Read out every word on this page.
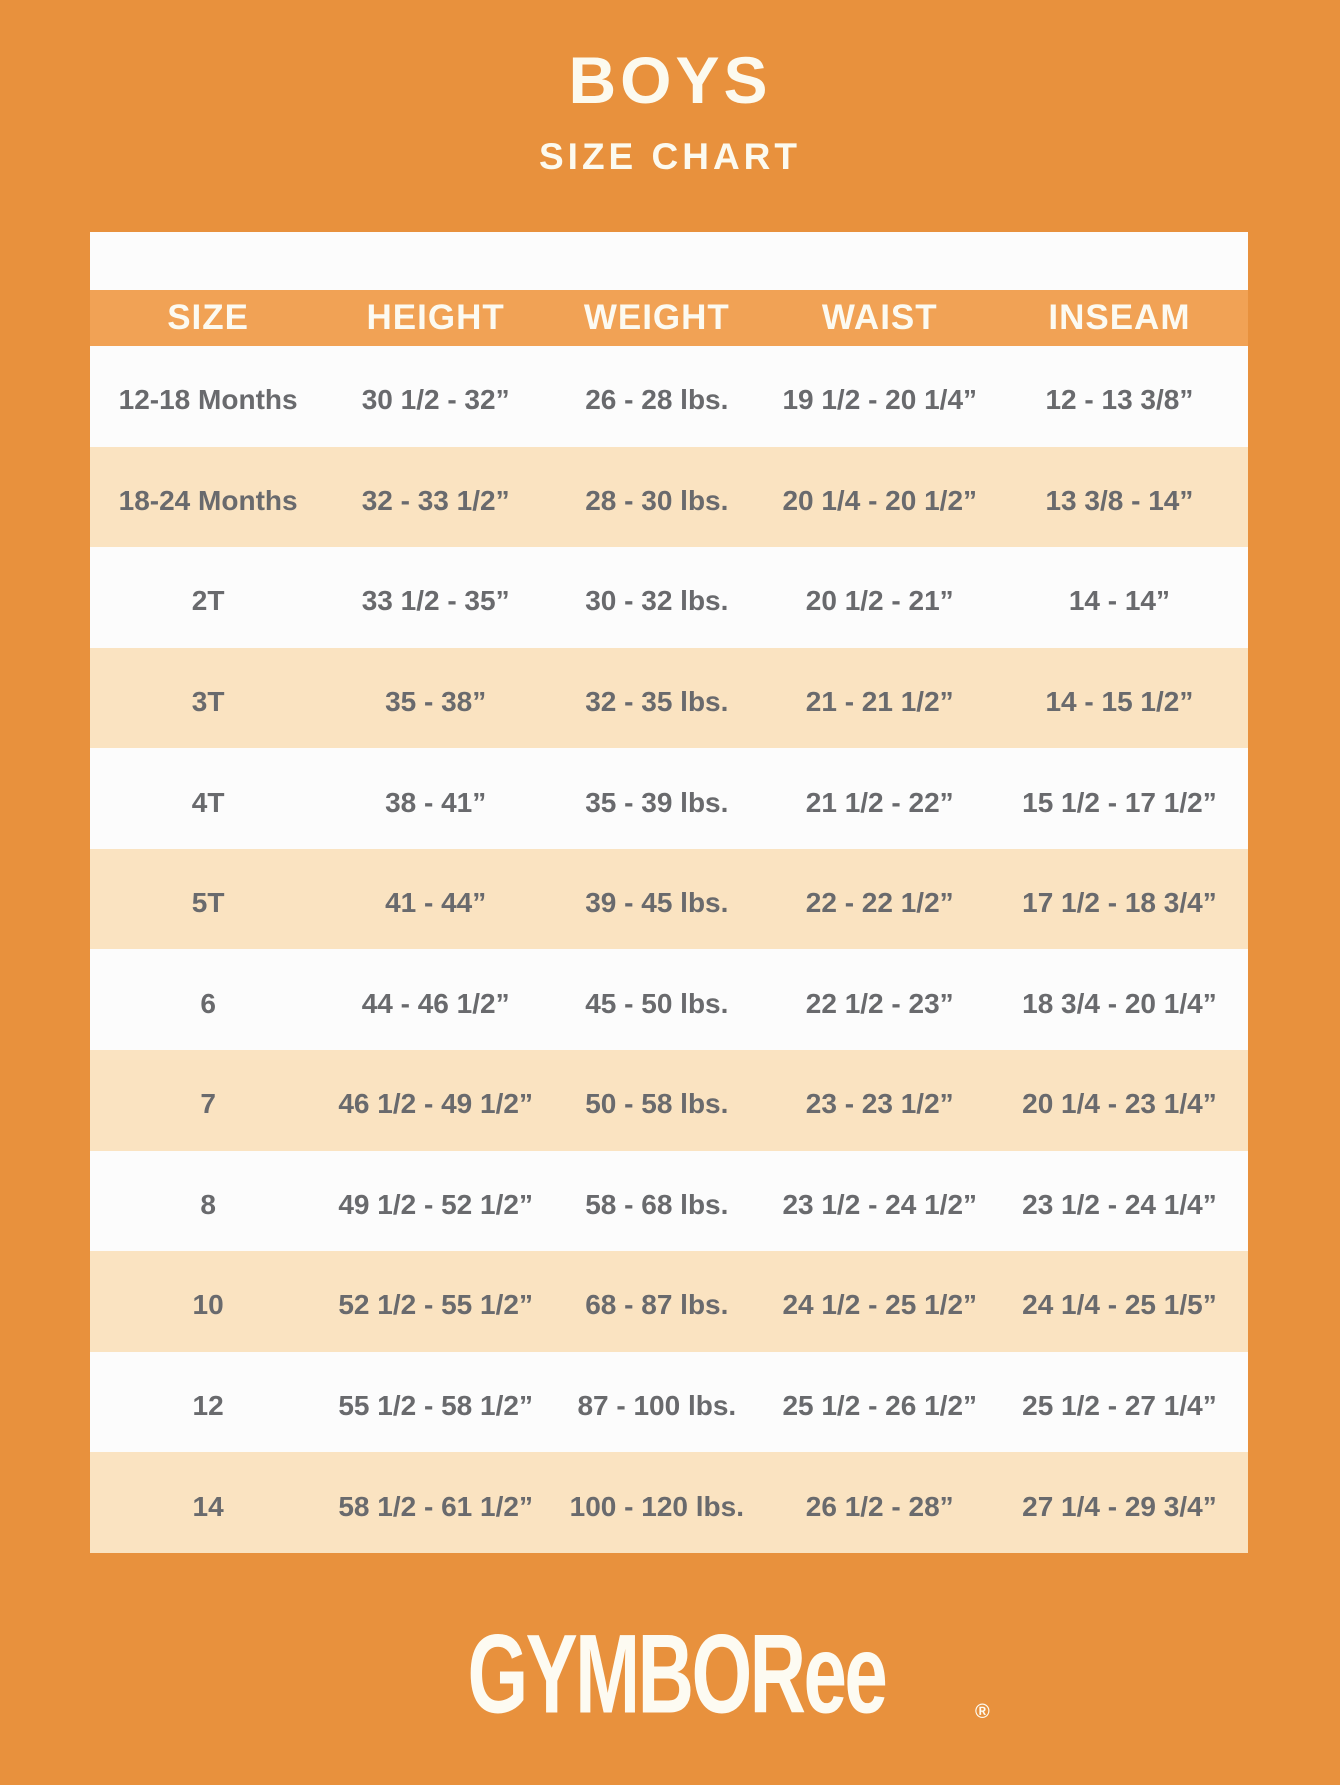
BOYS
SIZE CHART
SIZE	HEIGHT	WEIGHT	WAIST	INSEAM
12-18 Months	30 1/2 - 32”	26 - 28 lbs.	19 1/2 - 20 1/4”	12 - 13 3/8”
18-24 Months	32 - 33 1/2”	28 - 30 lbs.	20 1/4 - 20 1/2”	13 3/8 - 14”
2T	33 1/2 - 35”	30 - 32 lbs.	20 1/2 - 21”	14 - 14”
3T	35 - 38”	32 - 35 lbs.	21 - 21 1/2”	14 - 15 1/2”
4T	38 - 41”	35 - 39 lbs.	21 1/2 - 22”	15 1/2 - 17 1/2”
5T	41 - 44”	39 - 45 lbs.	22 - 22 1/2”	17 1/2 - 18 3/4”
6	44 - 46 1/2”	45 - 50 lbs.	22 1/2 - 23”	18 3/4 - 20 1/4”
7	46 1/2 - 49 1/2”	50 - 58 lbs.	23 - 23 1/2”	20 1/4 - 23 1/4”
8	49 1/2 - 52 1/2”	58 - 68 lbs.	23 1/2 - 24 1/2”	23 1/2 - 24 1/4”
10	52 1/2 - 55 1/2”	68 - 87 lbs.	24 1/2 - 25 1/2”	24 1/4 - 25 1/5”
12	55 1/2 - 58 1/2”	87 - 100 lbs.	25 1/2 - 26 1/2”	25 1/2 - 27 1/4”
14	58 1/2 - 61 1/2”	100 - 120 lbs.	26 1/2 - 28”	27 1/4 - 29 3/4”
GYMBORee	®
